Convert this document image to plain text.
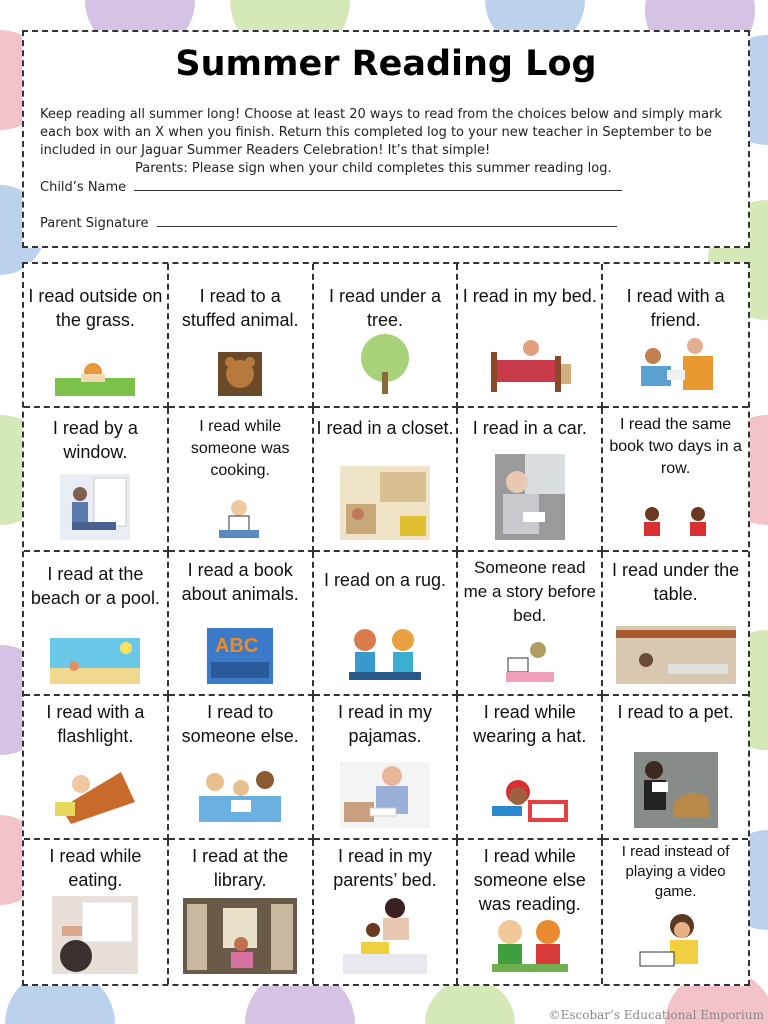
Summer Reading Log
Keep reading all summer long! Choose at least 20 ways to read from the choices below and simply mark each box with an X when you finish. Return this completed log to your new teacher in September to be included in our Jaguar Summer Readers Celebration! It’s that simple!
Parents: Please sign when your child completes this summer reading log.
Child’s Name
Parent Signature
I read outside on the grass.
I read to a stuffed animal.
I read under a tree.
I read in my bed.	I read with a friend.
I read by a window.
I read while someone was cooking.
I read in a closet.	I read in a car.	I read the same book two days in a row.
I read at the beach or a pool.
I read a book about animals.
ABC
I read on a rug.
Someone read me a story before bed.
I read under the table.
I read with a flashlight.
I read to someone else.
I read in my pajamas.
I read while wearing a hat.
I read to a pet.
I read while eating.
I read at the library.
I read in my parents’ bed.
I read while someone else was reading.
I read instead of playing a video game.
©Escobar’s Educational Emporium
